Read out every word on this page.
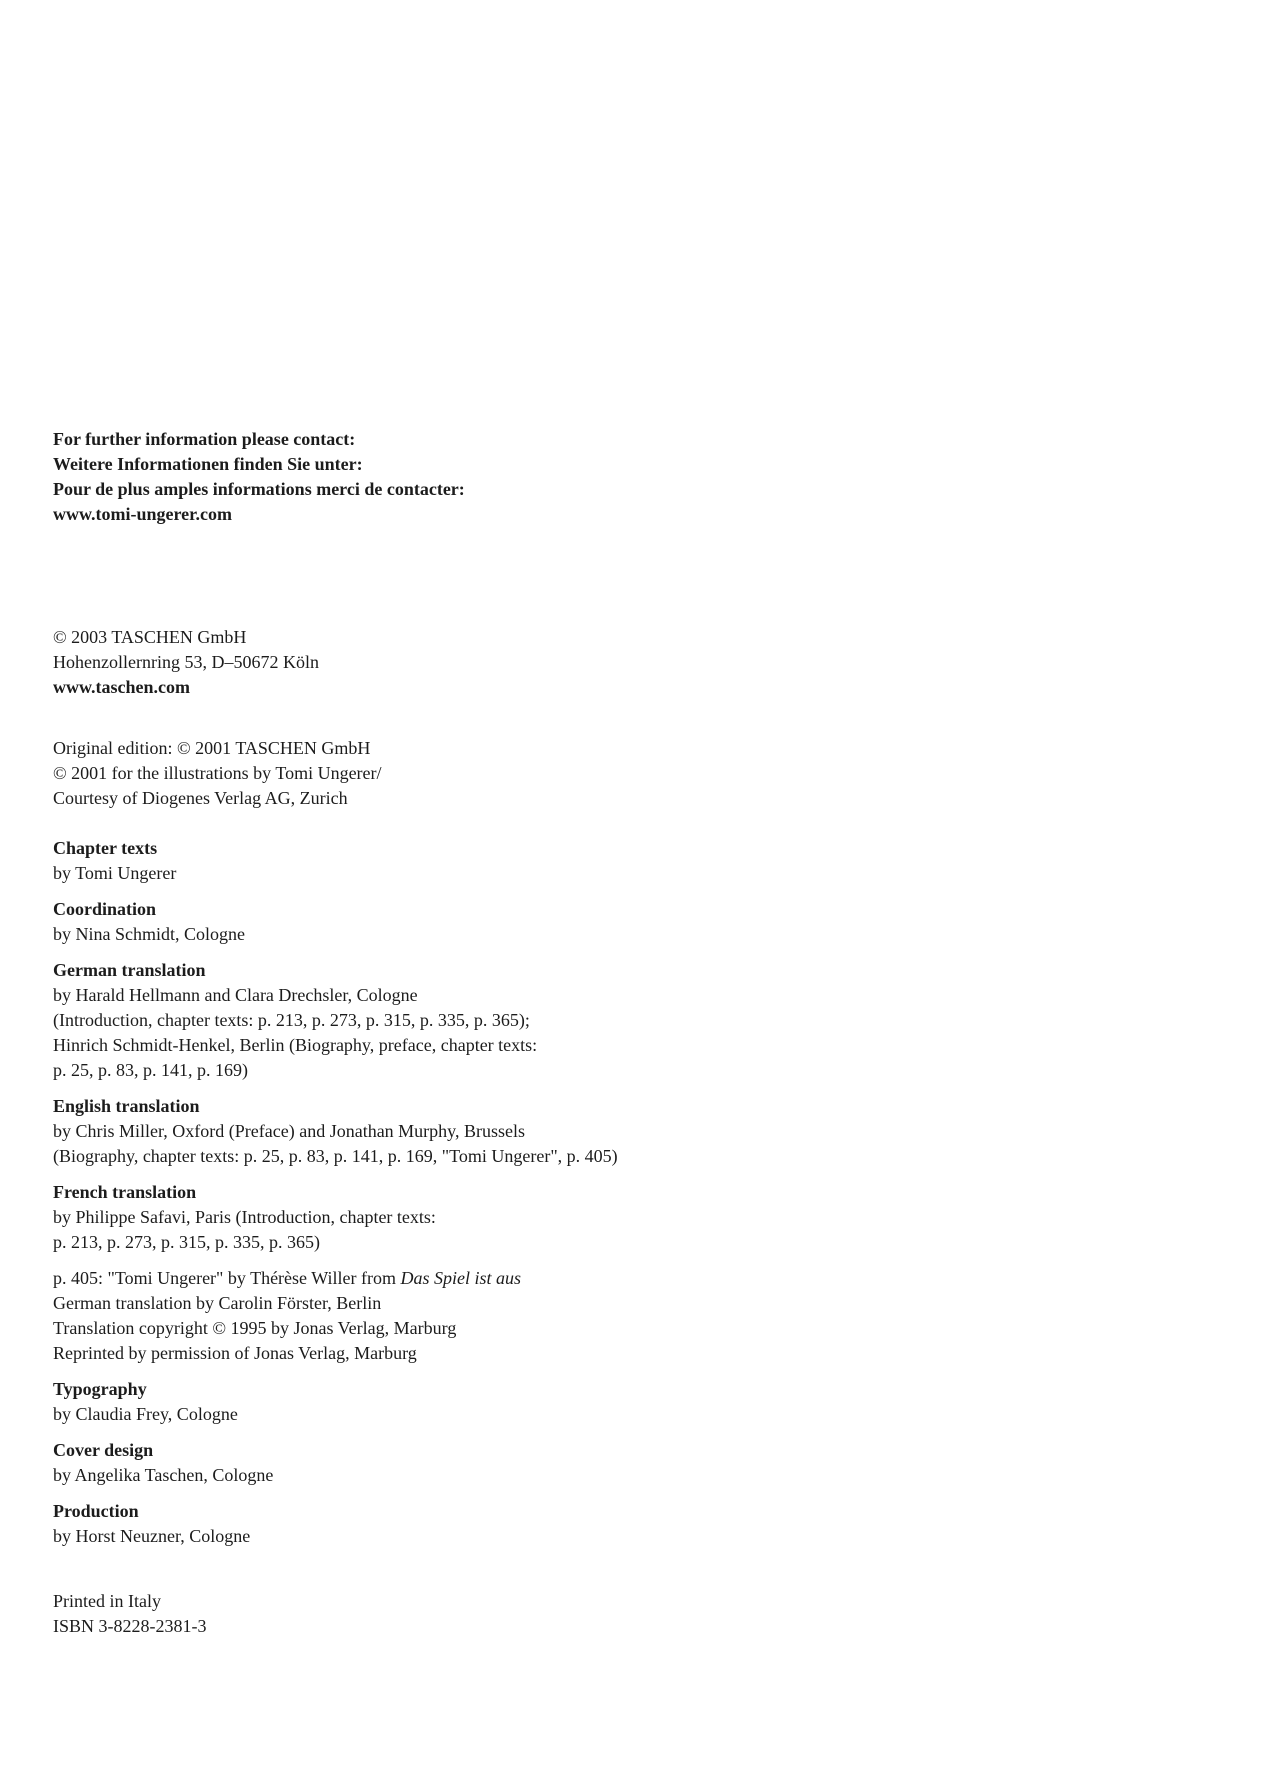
For further information please contact:
Weitere Informationen finden Sie unter:
Pour de plus amples informations merci de contacter:
www.tomi-ungerer.com
© 2003 TASCHEN GmbH
Hohenzollernring 53, D–50672 Köln
www.taschen.com
Original edition: © 2001 TASCHEN GmbH
© 2001 for the illustrations by Tomi Ungerer/
Courtesy of Diogenes Verlag AG, Zurich
Chapter texts
by Tomi Ungerer
Coordination
by Nina Schmidt, Cologne
German translation
by Harald Hellmann and Clara Drechsler, Cologne
(Introduction, chapter texts: p. 213, p. 273, p. 315, p. 335, p. 365);
Hinrich Schmidt-Henkel, Berlin (Biography, preface, chapter texts:
p. 25, p. 83, p. 141, p. 169)
English translation
by Chris Miller, Oxford (Preface) and Jonathan Murphy, Brussels
(Biography, chapter texts: p. 25, p. 83, p. 141, p. 169, "Tomi Ungerer", p. 405)
French translation
by Philippe Safavi, Paris (Introduction, chapter texts:
p. 213, p. 273, p. 315, p. 335, p. 365)
p. 405: "Tomi Ungerer" by Thérèse Willer from Das Spiel ist aus
German translation by Carolin Förster, Berlin
Translation copyright © 1995 by Jonas Verlag, Marburg
Reprinted by permission of Jonas Verlag, Marburg
Typography
by Claudia Frey, Cologne
Cover design
by Angelika Taschen, Cologne
Production
by Horst Neuzner, Cologne
Printed in Italy
ISBN 3-8228-2381-3
